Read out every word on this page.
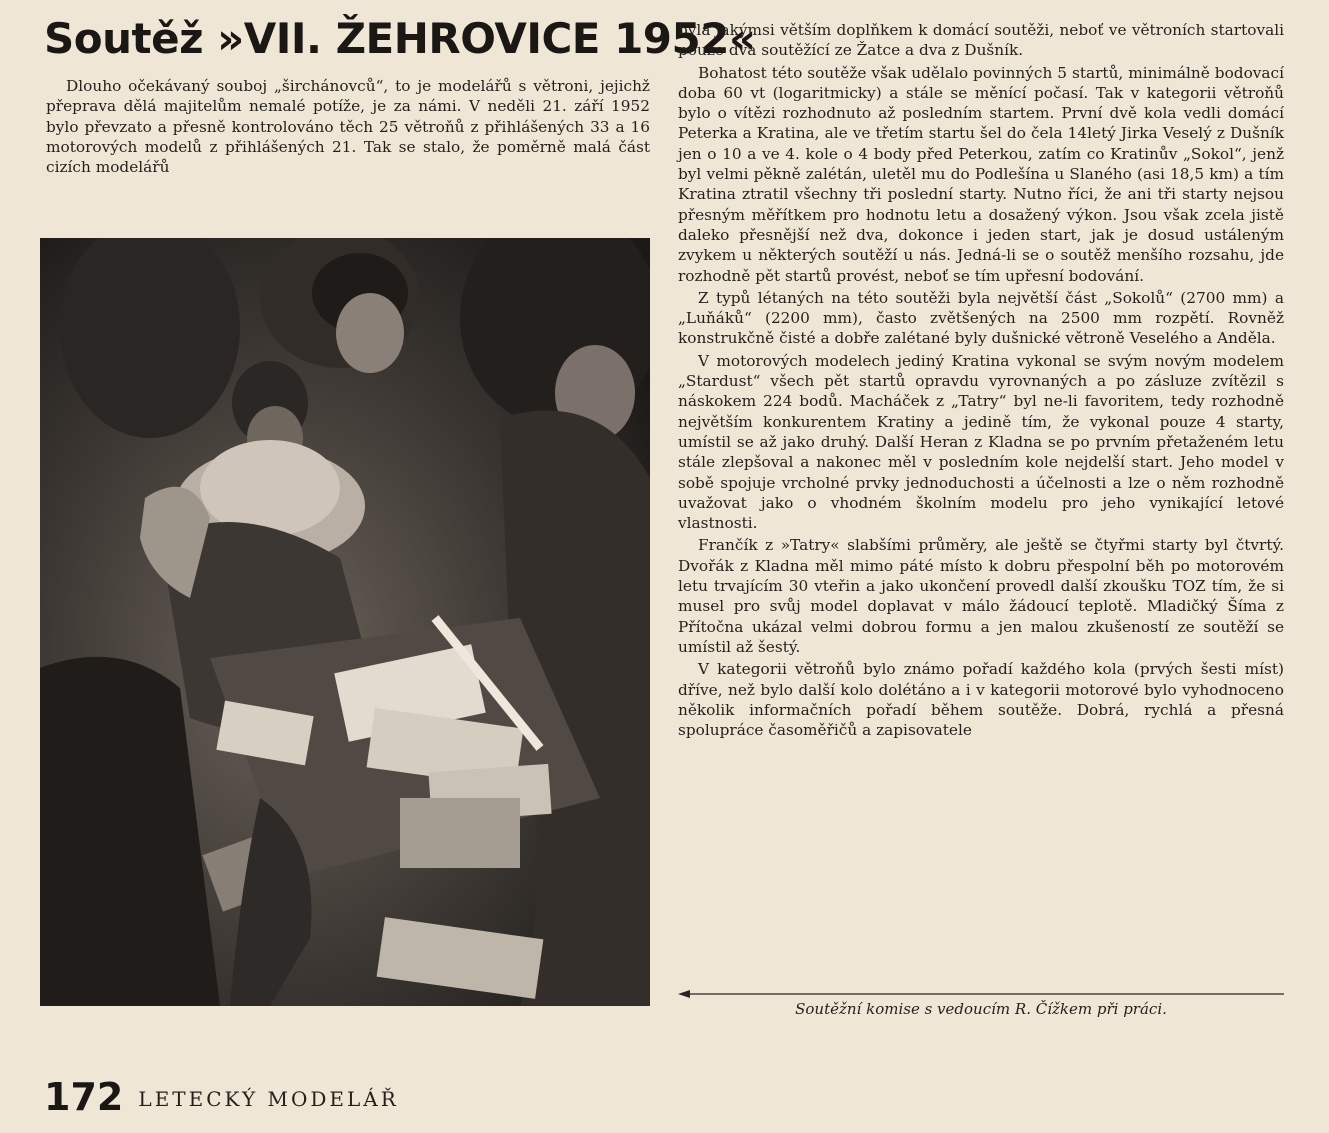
Soutěž »VII. ŽEHROVICE 1952«

Dlouho očekávaný souboj „širchánovců“, to je modelářů s větroni, jejichž přeprava dělá majitelům nemalé potíže, je za námi. V neděli 21. září 1952 bylo převzato a přesně kontrolováno těch 25 větroňů z přihlášených 33 a 16 motorových modelů z přihlášených 21. Tak se stalo, že poměrně malá část cizích modelářů

byla jakýmsi větším doplňkem k domácí soutěži, neboť ve větroních startovali pouze dva soutěžící ze Žatce a dva z Dušník.

Bohatost této soutěže však udělalo povinných 5 startů, minimálně bodovací doba 60 vt (logaritmicky) a stále se měnící počasí. Tak v kategorii větroňů bylo o vítězi rozhodnuto až posledním startem. První dvě kola vedli domácí Peterka a Kratina, ale ve třetím startu šel do čela 14letý Jirka Veselý z Dušník jen o 10 a ve 4. kole o 4 body před Peterkou, zatím co Kratinův „Sokol“, jenž byl velmi pěkně zalétán, uletěl mu do Podlešína u Slaného (asi 18,5 km) a tím Kratina ztratil všechny tři poslední starty. Nutno říci, že ani tři starty nejsou přesným měřítkem pro hodnotu letu a dosažený výkon. Jsou však zcela jistě daleko přesnější než dva, dokonce i jeden start, jak je dosud ustáleným zvykem u některých soutěží u nás. Jedná-li se o soutěž menšího rozsahu, jde rozhodně pět startů provést, neboť se tím upřesní bodování.

Z typů létaných na této soutěži byla největší část „Sokolů“ (2700 mm) a „Luňáků“ (2200 mm), často zvětšených na 2500 mm rozpětí. Rovněž konstrukčně čisté a dobře zalétané byly dušnické větroně Veselého a Anděla.

V motorových modelech jediný Kratina vykonal se svým novým modelem „Stardust“ všech pět startů opravdu vyrovnaných a po zásluze zvítězil s náskokem 224 bodů. Macháček z „Tatry“ byl ne-li favoritem, tedy rozhodně největším konkurentem Kratiny a jedině tím, že vykonal pouze 4 starty, umístil se až jako druhý. Další Heran z Kladna se po prvním přetaženém letu stále zlepšoval a nakonec měl v posledním kole nejdelší start. Jeho model v sobě spojuje vrcholné prvky jednoduchosti a účelnosti a lze o něm rozhodně uvažovat jako o vhodném školním modelu pro jeho vynikající letové vlastnosti.

Frančík z »Tatry« slabšími průměry, ale ještě se čtyřmi starty byl čtvrtý. Dvořák z Kladna měl mimo páté místo k dobru přespolní běh po motorovém letu trvajícím 30 vteřin a jako ukončení provedl další zkoušku TOZ tím, že si musel pro svůj model doplavat v málo žádoucí teplotě. Mladičký Šíma z Přítočna ukázal velmi dobrou formu a jen malou zkušeností ze soutěží se umístil až šestý.

V kategorii větroňů bylo známo pořadí každého kola (prvých šesti míst) dříve, než bylo další kolo dolétáno a i v kategorii motorové bylo vyhodnoceno několik informačních pořadí během soutěže. Dobrá, rychlá a přesná spolupráce časoměřičů a zapisovatele

Soutěžní komise s vedoucím R. Čížkem při práci.
172 LETECKÝ MODELÁŘ
